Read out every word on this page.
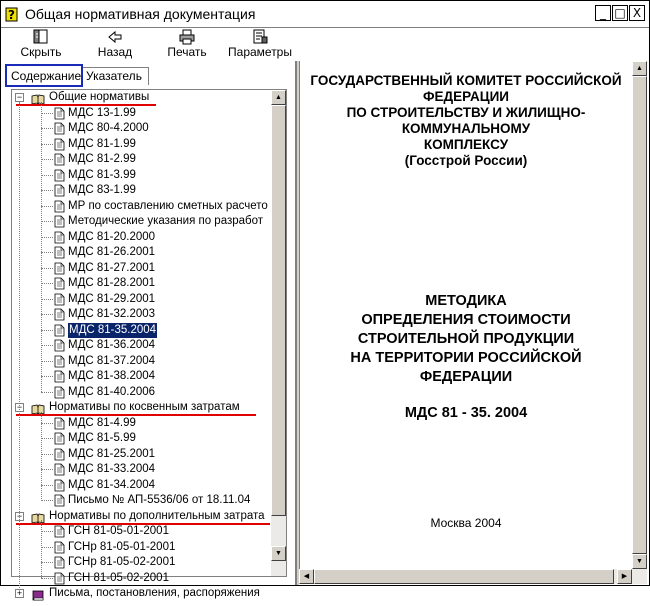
? Общая нормативная документация	_ □ X
Скрыть	Назад	Печать	Параметры
Содержание Указатель
− Общие нормативы
МДС 13-1.99
МДС 80-4.2000
МДС 81-1.99
МДС 81-2.99
МДС 81-3.99
МДС 83-1.99
МР по составлению сметных расчето
Методические указания по разработ
МДС 81-20.2000
МДС 81-26.2001
МДС 81-27.2001
МДС 81-28.2001
МДС 81-29.2001
МДС 81-32.2003
МДС 81-35.2004
МДС 81-36.2004
МДС 81-37.2004
МДС 81-38.2004
МДС 81-40.2006
− Нормативы по косвенным затратам
МДС 81-4.99
МДС 81-5.99
МДС 81-25.2001
МДС 81-33.2004
МДС 81-34.2004
Письмо № АП-5536/06 от 18.11.04
− Нормативы по дополнительным затрата
ГСН 81-05-01-2001
ГСНр 81-05-01-2001
ГСНр 81-05-02-2001
ГСН 81-05-02-2001
+ Письма, постановления, распоряжения
▲
▼
ГОСУДАРСТВЕННЫЙ КОМИТЕТ РОССИЙСКОЙ
ФЕДЕРАЦИИ
ПО СТРОИТЕЛЬСТВУ И ЖИЛИЩНО-
КОММУНАЛЬНОМУ
КОМПЛЕКСУ
(Госстрой России)
МЕТОДИКА
ОПРЕДЕЛЕНИЯ СТОИМОСТИ
СТРОИТЕЛЬНОЙ ПРОДУКЦИИ
НА ТЕРРИТОРИИ РОССИЙСКОЙ
ФЕДЕРАЦИИ
МДС 81 - 35. 2004
Москва 2004
▲
▼
◀	▶
